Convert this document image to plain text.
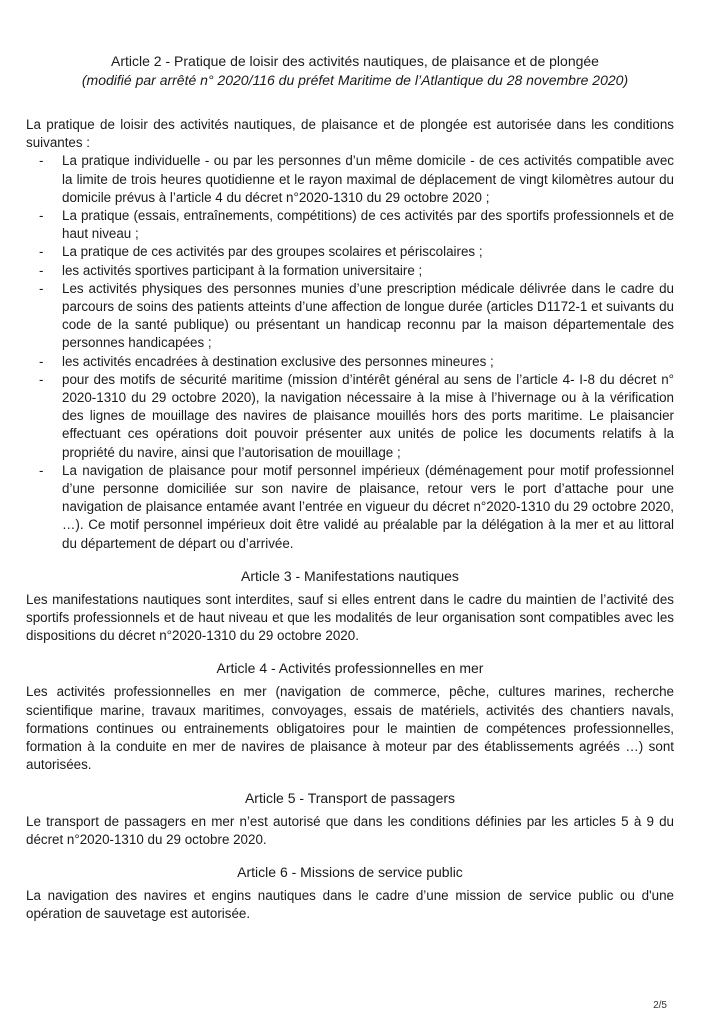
Article 2 - Pratique de loisir des activités nautiques, de plaisance et de plongée
(modifié par arrêté n° 2020/116 du préfet Maritime de l’Atlantique du 28 novembre 2020)

La pratique de loisir des activités nautiques, de plaisance et de plongée est autorisée dans les conditions suivantes :

- La pratique individuelle - ou par les personnes d’un même domicile - de ces activités compatible avec la limite de trois heures quotidienne et le rayon maximal de déplacement de vingt kilomètres autour du domicile prévus à l’article 4 du décret n°2020-1310 du 29 octobre 2020 ;
- La pratique (essais, entraînements, compétitions) de ces activités par des sportifs professionnels et de haut niveau ;
- La pratique de ces activités par des groupes scolaires et périscolaires ;
- les activités sportives participant à la formation universitaire ;
- Les activités physiques des personnes munies d’une prescription médicale délivrée dans le cadre du parcours de soins des patients atteints d’une affection de longue durée (articles D1172-1 et suivants du code de la santé publique) ou présentant un handicap reconnu par la maison départementale des personnes handicapées ;
- les activités encadrées à destination exclusive des personnes mineures ;
- pour des motifs de sécurité maritime (mission d’intérêt général au sens de l’article 4- I-8 du décret n° 2020-1310 du 29 octobre 2020), la navigation nécessaire à la mise à l’hivernage ou à la vérification des lignes de mouillage des navires de plaisance mouillés hors des ports maritime. Le plaisancier effectuant ces opérations doit pouvoir présenter aux unités de police les documents relatifs à la propriété du navire, ainsi que l’autorisation de mouillage ;
- La navigation de plaisance pour motif personnel impérieux (déménagement pour motif professionnel d’une personne domiciliée sur son navire de plaisance, retour vers le port d’attache pour une navigation de plaisance entamée avant l’entrée en vigueur du décret n°2020-1310 du 29 octobre 2020, …). Ce motif personnel impérieux doit être validé au préalable par la délégation à la mer et au littoral du département de départ ou d’arrivée.
Article 3 - Manifestations nautiques

Les manifestations nautiques sont interdites, sauf si elles entrent dans le cadre du maintien de l’activité des sportifs professionnels et de haut niveau et que les modalités de leur organisation sont compatibles avec les dispositions du décret n°2020-1310 du 29 octobre 2020.

Article 4 - Activités professionnelles en mer

Les activités professionnelles en mer (navigation de commerce, pêche, cultures marines, recherche scientifique marine, travaux maritimes, convoyages, essais de matériels, activités des chantiers navals, formations continues ou entrainements obligatoires pour le maintien de compétences professionnelles, formation à la conduite en mer de navires de plaisance à moteur par des établissements agréés …) sont autorisées.

Article 5 - Transport de passagers

Le transport de passagers en mer n’est autorisé que dans les conditions définies par les articles 5 à 9 du décret n°2020-1310 du 29 octobre 2020.

Article 6 - Missions de service public

La navigation des navires et engins nautiques dans le cadre d’une mission de service public ou d'une opération de sauvetage est autorisée.

2/5
